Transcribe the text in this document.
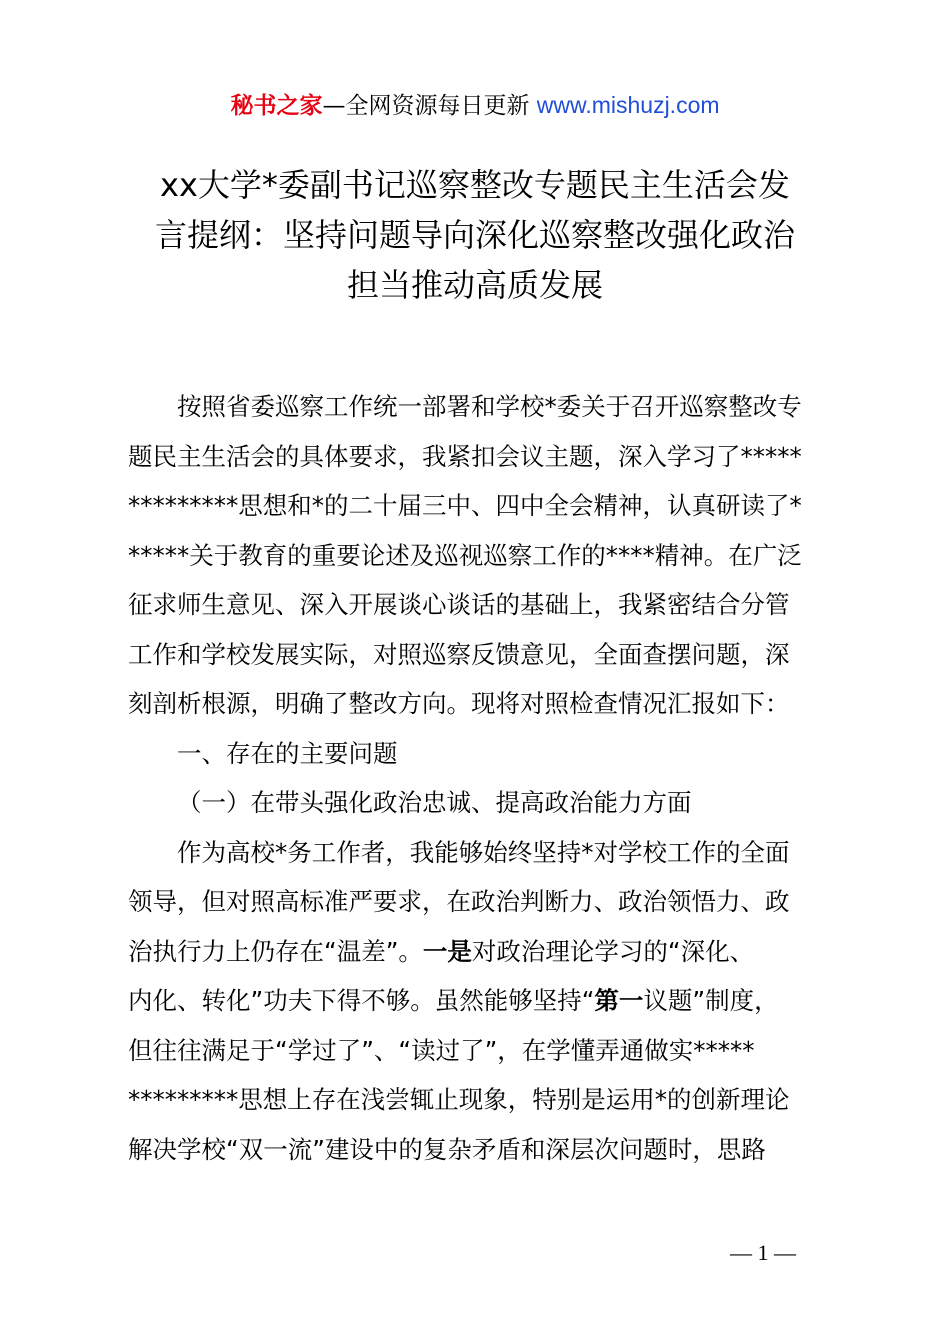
秘书之家—全网资源每日更新 www.mishuzj.com
xx大学*委副书记巡察整改专题民主生活会发
言提纲：坚持问题导向深化巡察整改强化政治
担当推动高质发展
按照省委巡察工作统一部署和学校*委关于召开巡察整改专
题民主生活会的具体要求，我紧扣会议主题，深入学习了*****
*********思想和*的二十届三中、四中全会精神，认真研读了*
*****关于教育的重要论述及巡视巡察工作的****精神。在广泛
征求师生意见、深入开展谈心谈话的基础上，我紧密结合分管
工作和学校发展实际，对照巡察反馈意见，全面查摆问题，深
刻剖析根源，明确了整改方向。现将对照检查情况汇报如下：
一、存在的主要问题
（一）在带头强化政治忠诚、提高政治能力方面
作为高校*务工作者，我能够始终坚持*对学校工作的全面
领导，但对照高标准严要求，在政治判断力、政治领悟力、政
治执行力上仍存在“温差”。一是对政治理论学习的“深化、
内化、转化”功夫下得不够。虽然能够坚持“第一议题”制度，
但往往满足于“学过了”、“读过了”，在学懂弄通做实*****
*********思想上存在浅尝辄止现象，特别是运用*的创新理论
解决学校“双一流”建设中的复杂矛盾和深层次问题时，思路
— 1 —
